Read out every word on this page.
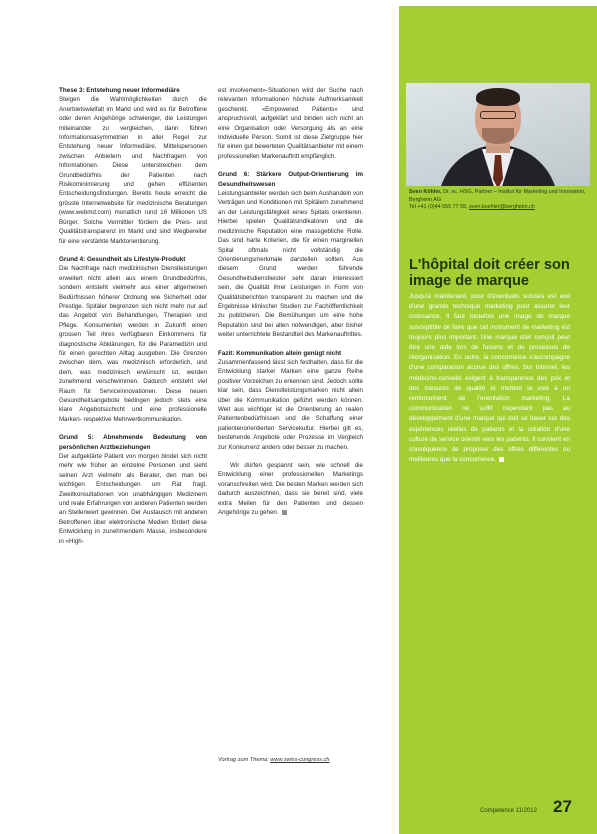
These 3: Entstehung neuer Informediäre

Steigen die Wahlmöglichkeiten durch die Anerbietswielfalt im Markt und wird es für Betroffene oder deren Angehörige schwieriger, die Leistungen miteinander zu vergleichen, dann führen Informationsasymmetrien in aller Regel zur Entstehung neuer Informediäre, Mittelspersonen zwischen Anbietern und Nachfragern von Informationen. Diese unterstreichen dem Grundbedürfnis der Patienten nach Risikominimierung und gehen effizienten Entscheidungsfindungen. Bereits heute erreicht die grösste Internetwebsite für medizinische Beratungen (www.webmd.com) monatlich rund 16 Millionen US Bürger. Solche Vermittler fördern die Preis- und Qualitätstransparenz im Markt und sind Wegbereiter für eine verstärkte Marktorientierung.

Grund 4: Gesundheit als Lifestyle-Produkt

Die Nachfrage nach medizinischen Dienstleistungen erweitert nicht allein aus einem Grundbedürfnis, sondern entsteht vielmehr aus einer allgemeinen Bedürfnissen höherer Ordnung wie Sicherheit oder Prestige. Spitäler begrenzen sich nicht mehr nur auf das Angebot von Behandlungen, Therapien und Pflege. Konsumenten werden in Zukunft einen grossen Teil ihres verfügbaren Einkommens für diagnostische Abklärungen, für die Paramedizin und für einen gerechten Alltag ausgeben. Die Grenzen zwischen dem, was medizinisch erforderlich, und dem, was medizinisch erwünscht ist, werden zunehmend verschwimmen. Dadurch entsteht viel Raum für Serviceinnovationen. Diese neuen Gesundheitsangebote bedingen jedoch stets eine klare Angebotsschicht und eine professionelle Marken- respektive Mehrwertkommunikation.

Grund 5: Abnehmende Bedeutung von persönlichen Arztbeziehungen

Der aufgeklärte Patient von morgen bindet sich nicht mehr wie früher an einzelne Personen und sieht seinen Arzt vielmehr als Berater, den man bei wichtigen Entscheidungen um Rat fragt. Zweitkonsultationen von unabhängigen Medizinern und reale Erfahrungen von anderen Patienten werden an Stellenwert gewinnen. Der Austausch mit anderen Betroffenen über elektronische Medien fördert diese Entwicklung in zunehmendem Masse, insbesondere in «High-

est involvement»-Situationen wird der Suche nach relevanten Informationen höchste Aufmerksamkeit geschenkt. «Empowered Patients» sind anspruchsvoll, aufgeklärt und binden sich nicht an eine Organisation oder Versorgung als an eine Individuelle Person. Somit ist diese Zielgruppe hier für einen gut bewerteten Qualitätsanbieter mit einem professionellen Markenauftritt empfänglich.

Grund 6: Stärkere Output-Orientierung im Gesundheitswesen

Leistungsanbieter werden sich beim Aushandeln von Verträgen und Konditionen mit Spitälern zunehmend an der Leistungsfähigkeit eines Spitals orientieren. Hierbei spielen Qualitätsindikatoren und die medizinische Reputation eine massgebliche Rolle. Das sind harte Kriterien, die für einen marginellen Spital oftmals nicht vollständig die Orientierungsmerkmale darstellen sollten. Aus diesem Grund werden führende Gesundheitsdienstleister sehr daran interessiert sein, die Qualität ihrer Leistungen in Form von Qualitätsberichten transparent zu machen und die Ergebnisse klinischer Studien zur Fachöffentlichkeit zu publizieren. Die Bemühungen um eine hohe Reputation sind bei allen notwendigen, aber bisher weiter unterrichtete Bestandteil des Markenauftrittes.

Fazit: Kommunikation allein genügt nicht

Zusammenfassend lässt sich festhalten, dass für die Entwicklung starker Marken eine ganze Reihe positiver Vorzeichen zu erkennen sind. Jedoch sollte klar sein, dass Dienstleistungsmarken nicht allein über die Kommunikation geführt werden können. Weit aus wichtiger ist die Orientierung an realen Patientenbedürfnissen und die Schaffung einer patientenorientierten Servicekultur. Hierbei gilt es, bestehende Angebote oder Prozesse im Vergleich zur Konkurrenz anders oder besser zu machen.

Wir dürfen gespannt sein, wie schnell die Entwicklung einer professionellen Marketings voranschreiten wird. Die besten Marken werden sich dadurch auszeichnen, dass sie bereit sind, viele extra Meilen für den Patienten und dessen Angehörige zu gehen.

Vortrag zum Thema: www.swiss-congress.ch
Sven Köhler, Dr. sc. HSG, Partner – Institut für Marketing und Innovation, Bergheim AG
Tel +41 (0)44 555 77 55, sven.koehler@bergheim.ch
L'hôpital doit créer son image de marque

Jusqu'à maintenant, pour d'éventuels suisses est axé d'une grande technique marketing pour assurer leur croissance. Il faut toutefois une image de marque susceptible de faire que cet instrument de marketing est toujours plus important. Une marque clair conçoit peut être une aide lors de fusions et de processus de réorganisation. En outre, la concurrence s'accompagne d'une comparaison accrue des offres. Sur Internet, les médecins-conseils exigent à transparence des prix et des mesures de qualité et mettent la voie à un renforcement de l'orientation marketing. La communication ne suffit cependant pas au développement d'une marque qui doit se baser sur des expériences réelles de patients et la création d'une culture de service orienté vers les patients. Il convient en conséquence de proposer des offres différentes ou meilleures que la concurrence.

Competence 11/2012 27
